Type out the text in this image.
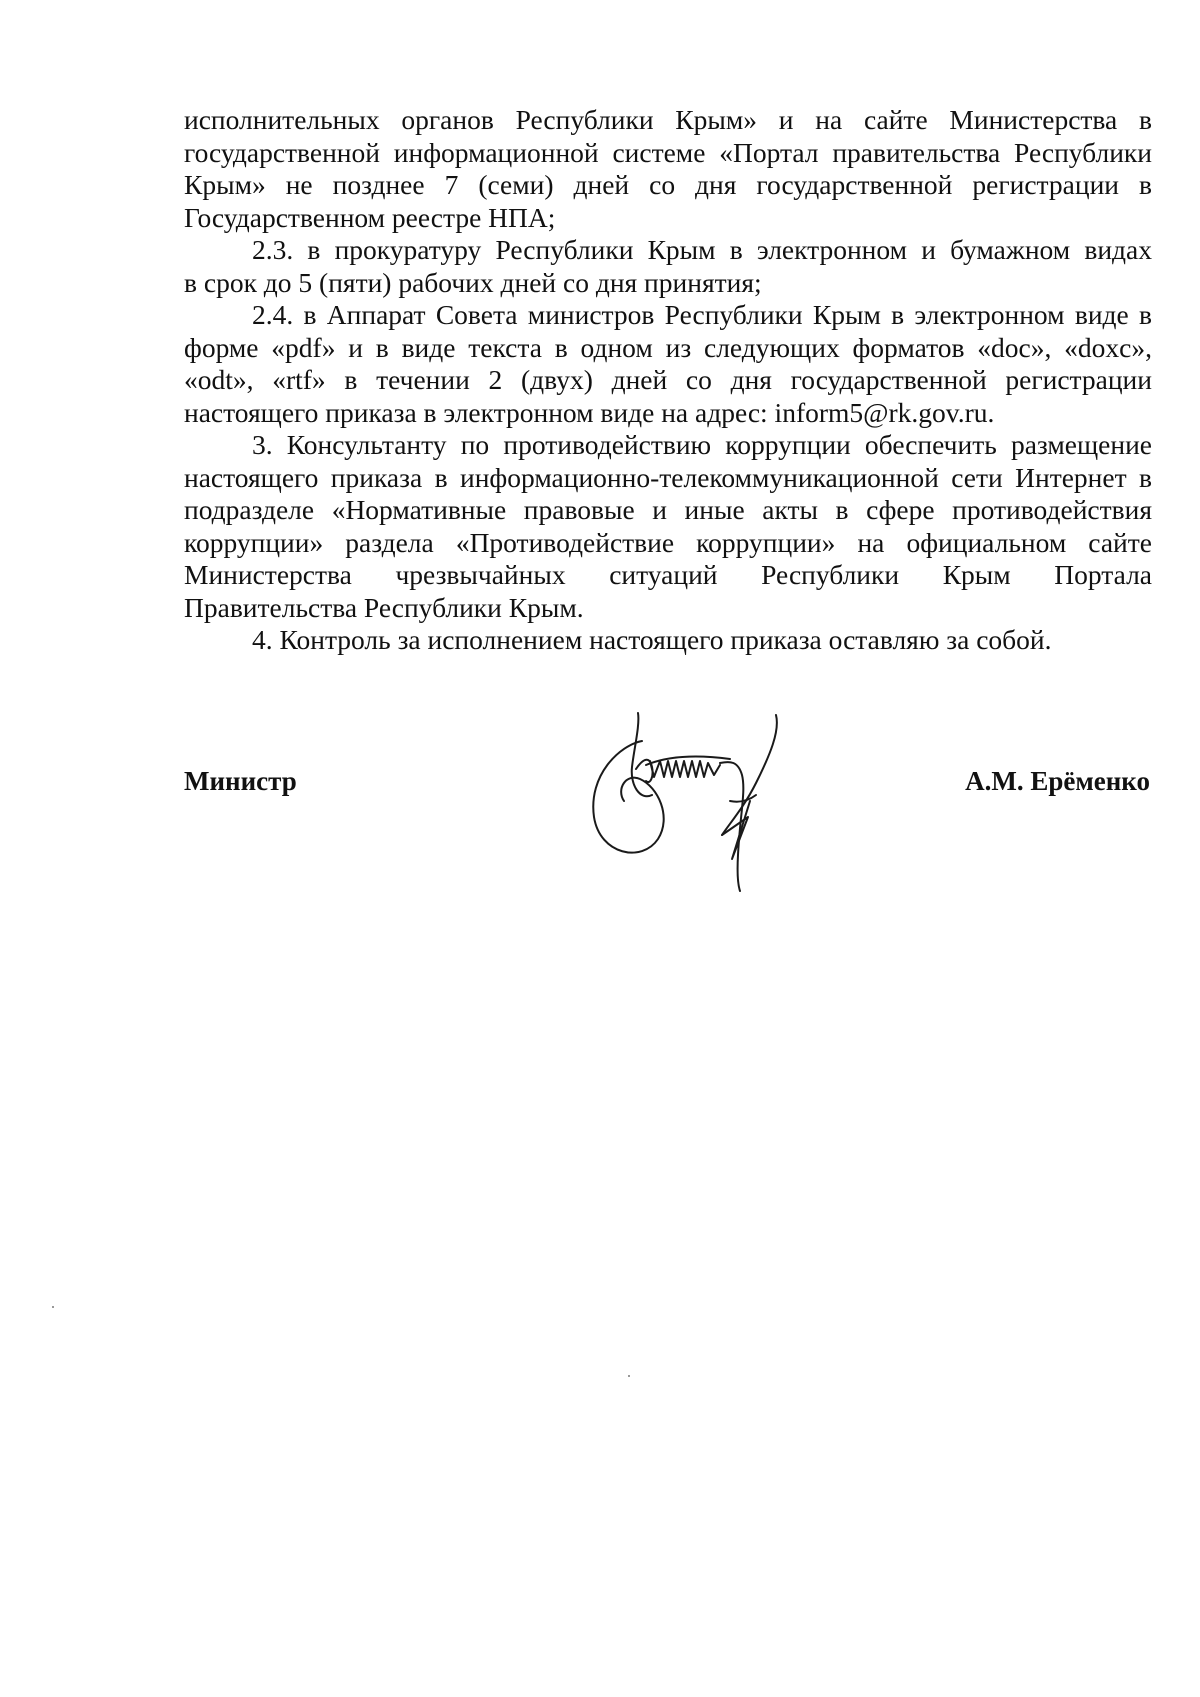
исполнительных органов Республики Крым» и на сайте Министерства в государственной информационной системе «Портал правительства Республики Крым» не позднее 7 (семи) дней со дня государственной регистрации в Государственном реестре НПА;

2.3. в прокуратуру Республики Крым в электронном и бумажном видах

в срок до 5 (пяти) рабочих дней со дня принятия;

2.4. в Аппарат Совета министров Республики Крым в электронном виде в форме «pdf» и в виде текста в одном из следующих форматов «doc», «doxc», «odt», «rtf» в течении 2 (двух) дней со дня государственной регистрации настоящего приказа в электронном виде на адрес: inform5@rk.gov.ru.

3. Консультанту по противодействию коррупции обеспечить размещение настоящего приказа в информационно-телекоммуникационной сети Интернет в подразделе «Нормативные правовые и иные акты в сфере противодействия коррупции» раздела «Противодействие коррупции» на официальном сайте Министерства чрезвычайных ситуаций Республики Крым Портала

Правительства Республики Крым.

4. Контроль за исполнением настоящего приказа оставляю за собой.

Министр	А.М. Ерёменко
